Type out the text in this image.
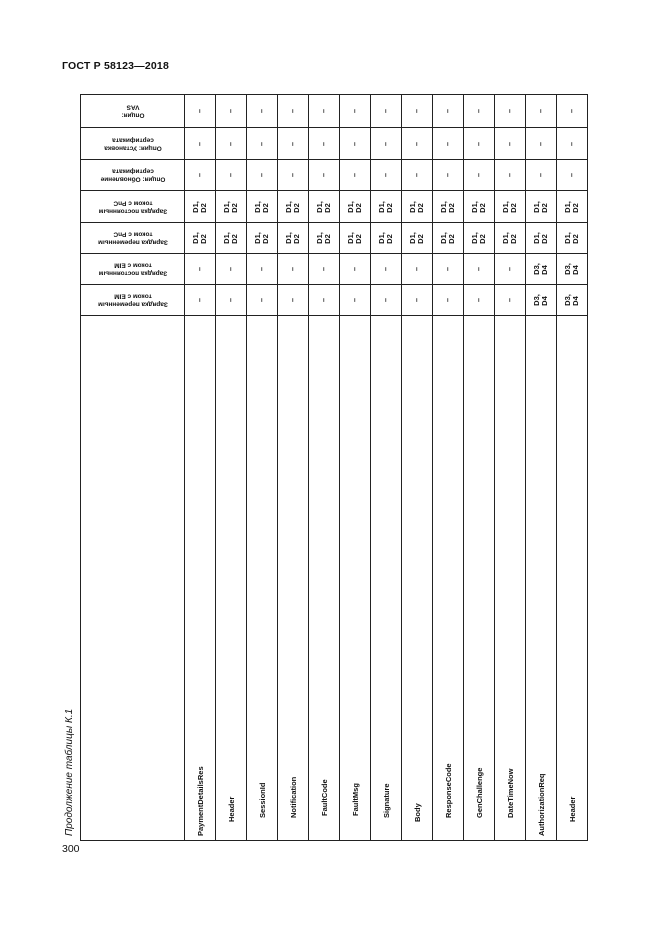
ГОСТ Р 58123—2018
Опция:
VAS	–	–	–	–	–	–	–	–	–	–	–	–	–

Опция: Установка
сертификата	–	–	–	–	–	–	–	–	–	–	–	–	–

Опция: Обновление
сертификата	–	–	–	–	–	–	–	–	–	–	–	–	–

Зарядка постоянным
током с PnC	D1,
D2	D1,
D2	D1,
D2	D1,
D2	D1,
D2	D1,
D2	D1,
D2	D1,
D2	D1,
D2	D1,
D2	D1,
D2	D1,
D2	D1,
D2

Зарядка переменным
током с PnC	D1,
D2	D1,
D2	D1,
D2	D1,
D2	D1,
D2	D1,
D2	D1,
D2	D1,
D2	D1,
D2	D1,
D2	D1,
D2	D1,
D2	D1,
D2

Зарядка постоянным
током с EIM	–	–	–	–	–	–	–	–	–	–	–	D3,
D4	D3,
D4

Зарядка переменным
током с EIM	–	–	–	–	–	–	–	–	–	–	–	D3,
D4	D3,
D4

	PaymentDetailsRes	Header	SessionId	Notification	FaultCode	FaultMsg	Signature	Body	ResponseCode	GenChallenge	DateTimeNow	AuthorizationReq	Header
Продолжение таблицы К.1
300
